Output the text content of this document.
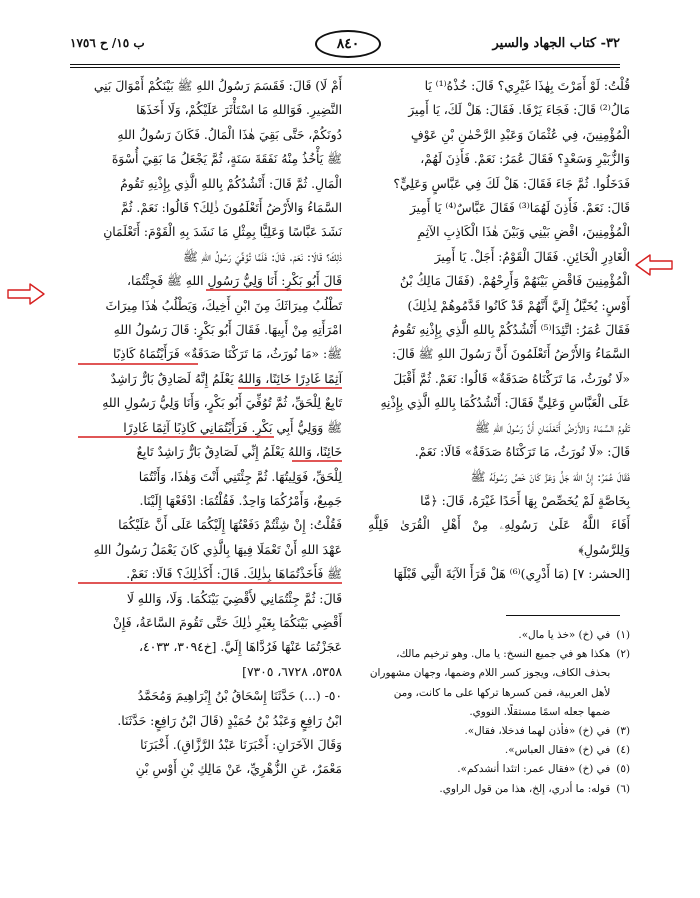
٣٢- كتاب الجهاد والسير
٨٤٠
ب ١٥/ ح ١٧٥٦

قُلْتُ: لَوْ أَمَرْتَ بِهٰذَا غَيْرِي؟ قَالَ: خُذْهُ⁽¹⁾ يَا

مَالُ⁽²⁾ قَالَ: فَجَاءَ يَرْفَا. فَقَالَ: هَلْ لَكَ، يَا أَمِيرَ

الْمُؤْمِنِينَ، فِي عُثْمَانَ وَعَبْدِ الرَّحْمٰنِ بْنِ عَوْفٍ

وَالزُّبَيْرِ وَسَعْدٍ؟ فَقَالَ عُمَرُ: نَعَمْ. فَأَذِنَ لَهُمْ،

فَدَخَلُوا. ثُمَّ جَاءَ فَقَالَ: هَلْ لَكَ فِي عَبَّاسٍ وَعَلِيٍّ؟

قَالَ: نَعَمْ. فَأَذِنَ لَهُمَا⁽³⁾ فَقَالَ عَبَّاسٌ⁽⁴⁾ يَا أَمِيرَ

الْمُؤْمِنِينَ، اقْضِ بَيْنِي وَبَيْنَ هٰذَا الْكَاذِبِ الآثِمِ

الْغَادِرِ الْخَائِنِ. فَقَالَ الْقَوْمُ: أَجَلْ. يَا أَمِيرَ

الْمُؤْمِنِينَ فَاقْضِ بَيْنَهُمْ وَأَرِحْهُمْ. (فَقَالَ مَالِكُ بْنُ

أَوْسٍ: يُخَيَّلُ إِلَيَّ أَنَّهُمْ قَدْ كَانُوا قَدَّمُوهُمْ لِذٰلِكَ)

فَقَالَ عُمَرُ: اتَّئِدَا⁽⁵⁾ أَنْشُدُكُمْ بِاللهِ الَّذِي بِإِذْنِهِ تَقُومُ

السَّمَاءُ وَالأَرْضُ أَتَعْلَمُونَ أَنَّ رَسُولَ اللهِ ﷺ قَالَ:

«لَا نُورَثُ، مَا تَرَكْنَاهُ صَدَقَةٌ» قَالُوا: نَعَمْ. ثُمَّ أَقْبَلَ

عَلَى الْعَبَّاسِ وَعَلِيٍّ فَقَالَ: أَنْشُدُكُمَا بِاللهِ الَّذِي بِإِذْنِهِ

تَقُومُ السَّمَاءُ وَالأَرْضُ أَتَعْلَمَانِ أَنَّ رَسُولَ اللهِ ﷺ

قَالَ: «لَا نُورَثُ، مَا تَرَكْنَاهُ صَدَقَةٌ» قَالَا: نَعَمْ.

فَقَالَ عُمَرُ: إِنَّ اللهَ جَلَّ وَعَزَّ كَانَ خَصَّ رَسُولَهُ ﷺ

بِخَاصَّةٍ لَمْ يُخَصِّصْ بِهَا أَحَدًا غَيْرَهُ، قَالَ: ﴿مَّا

أَفَاءَ اللَّهُ عَلَىٰ رَسُولِهِۦ مِنْ أَهْلِ الْقُرَىٰ فَلِلَّهِ وَلِلرَّسُولِ﴾

[الحشر: ٧] (مَا أَدْرِي)⁽⁶⁾ هَلْ قَرَأَ الآيَةَ الَّتِي قَبْلَهَا

أَمْ لَا) قَالَ: فَقَسَمَ رَسُولُ اللهِ ﷺ بَيْنَكُمْ أَمْوَالَ بَنِي

النَّضِيرِ. فَوَاللهِ مَا اسْتَأْثَرَ عَلَيْكُمْ، وَلَا أَخَذَهَا

دُونَكُمْ، حَتَّى بَقِيَ هٰذَا الْمَالُ. فَكَانَ رَسُولُ اللهِ

ﷺ يَأْخُذُ مِنْهُ نَفَقَةَ سَنَةٍ، ثُمَّ يَجْعَلُ مَا بَقِيَ أُسْوَةَ

الْمَالِ. ثُمَّ قَالَ: أَنْشُدُكُمْ بِاللهِ الَّذِي بِإِذْنِهِ تَقُومُ

السَّمَاءُ وَالأَرْضُ أَتَعْلَمُونَ ذٰلِكَ؟ قَالُوا: نَعَمْ. ثُمَّ

نَشَدَ عَبَّاسًا وَعَلِيًّا بِمِثْلِ مَا نَشَدَ بِهِ الْقَوْمَ: أَتَعْلَمَانِ

ذٰلِكَ؟ قَالَا: نَعَمْ. قَالَ: فَلَمَّا تُوُفِّيَ رَسُولُ اللهِ ﷺ

قَالَ أَبُو بَكْرٍ: أَنَا وَلِيُّ رَسُولِ اللهِ ﷺ فَجِئْتُمَا،

تَطْلُبُ مِيرَاثَكَ مِنَ ابْنِ أَخِيكَ، وَيَطْلُبُ هٰذَا مِيرَاثَ

امْرَأَتِهِ مِنْ أَبِيهَا. فَقَالَ أَبُو بَكْرٍ: قَالَ رَسُولُ اللهِ

ﷺ: «مَا نُورَثُ، مَا تَرَكْنَا صَدَقَةٌ» فَرَأَيْتُمَاهُ كَاذِبًا

آثِمًا غَادِرًا خَائِنًا، وَاللهُ يَعْلَمُ إِنَّهُ لَصَادِقٌ بَارٌّ رَاشِدٌ

تَابِعٌ لِلْحَقِّ، ثُمَّ تُوُفِّيَ أَبُو بَكْرٍ، وَأَنَا وَلِيُّ رَسُولِ اللهِ

ﷺ وَوَلِيُّ أَبِي بَكْرٍ. فَرَأَيْتُمَانِي كَاذِبًا آثِمًا غَادِرًا

خَائِنًا، وَاللهُ يَعْلَمُ إِنِّي لَصَادِقٌ بَارٌّ رَاشِدٌ تَابِعٌ

لِلْحَقِّ، فَوَلِيتُهَا. ثُمَّ جِئْتَنِي أَنْتَ وَهٰذَا، وَأَنْتُمَا

جَمِيعٌ، وَأَمْرُكُمَا وَاحِدٌ. فَقُلْتُمَا: ادْفَعْهَا إِلَيْنَا.

فَقُلْتُ: إِنْ شِئْتُمْ دَفَعْتُهَا إِلَيْكُمَا عَلَى أَنَّ عَلَيْكُمَا

عَهْدَ اللهِ أَنْ تَعْمَلَا فِيهَا بِالَّذِي كَانَ يَعْمَلُ رَسُولُ اللهِ

ﷺ فَأَخَذْتُمَاهَا بِذٰلِكَ. قَالَ: أَكَذٰلِكَ؟ قَالَا: نَعَمْ.

قَالَ: ثُمَّ جِئْتُمَانِي لأَقْضِيَ بَيْنَكُمَا. وَلَا، وَاللهِ لَا

أَقْضِي بَيْنَكُمَا بِغَيْرِ ذٰلِكَ حَتَّى تَقُومَ السَّاعَةُ، فَإِنْ

عَجَزْتُمَا عَنْهَا فَرُدَّاهَا إِلَيَّ. [خ٣٠٩٤، ٤٠٣٣،

٥٣٥٨، ٦٧٢٨، ٧٣٠٥]

٥٠- (...) حَدَّثَنَا إِسْحَاقُ بْنُ إِبْرَاهِيمَ وَمُحَمَّدُ

ابْنُ رَافِعٍ وَعَبْدُ بْنُ حُمَيْدٍ (قَالَ ابْنُ رَافِعٍ: حَدَّثَنَا.

وَقَالَ الآخَرَانِ: أَخْبَرَنَا عَبْدُ الرَّزَّاقِ). أَخْبَرَنَا

مَعْمَرٌ، عَنِ الزُّهْرِيِّ، عَنْ مَالِكِ بْنِ أَوْسِ بْنِ

(١)
في (خ) «خذ يا مال».
(٢)
هكذا هو في جميع النسخ: يا مال. وهو ترخيم مالك، بحذف الكاف، ويجوز كسر اللام وضمها، وجهان مشهوران لأهل العربية، فمن كسرها تركها على ما كانت، ومن ضمها جعله اسمًا مستقلًا. النووي.
(٣)
في (خ) «فأذن لهما فدخلا، فقال».
(٤)
في (خ) «فقال العباس».
(٥)
في (خ) «فقال عمر: اتئدا أنشدكم».
(٦)
قوله: ما أدري، إلخ، هذا من قول الراوي.
